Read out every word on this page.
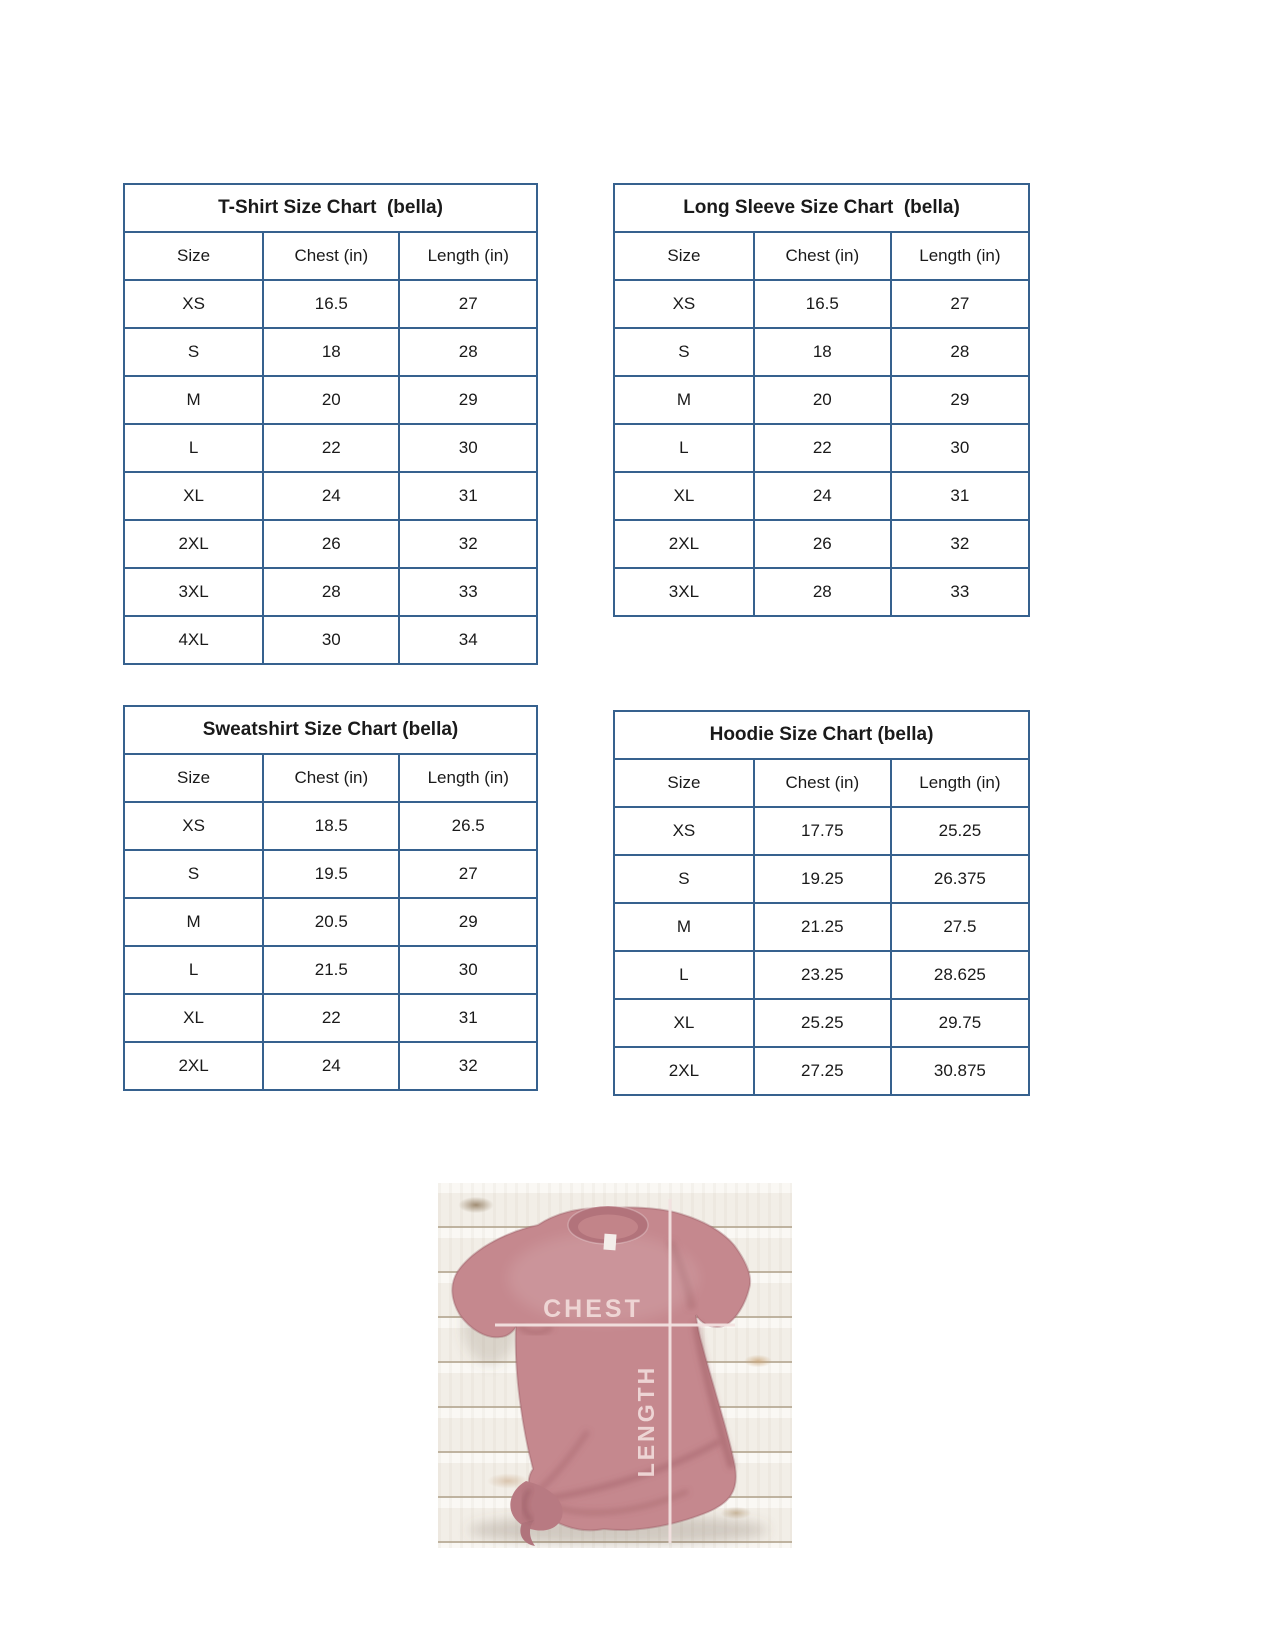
T-Shirt Size Chart  (bella)
Size	Chest (in)	Length (in)
XS	16.5	27
S	18	28
M	20	29
L	22	30
XL	24	31
2XL	26	32
3XL	28	33
4XL	30	34
Long Sleeve Size Chart  (bella)
Size	Chest (in)	Length (in)
XS	16.5	27
S	18	28
M	20	29
L	22	30
XL	24	31
2XL	26	32
3XL	28	33
Sweatshirt Size Chart (bella)
Size	Chest (in)	Length (in)
XS	18.5	26.5
S	19.5	27
M	20.5	29
L	21.5	30
XL	22	31
2XL	24	32
Hoodie Size Chart (bella)
Size	Chest (in)	Length (in)
XS	17.75	25.25
S	19.25	26.375
M	21.25	27.5
L	23.25	28.625
XL	25.25	29.75
2XL	27.25	30.875
CHEST
LENGTH
